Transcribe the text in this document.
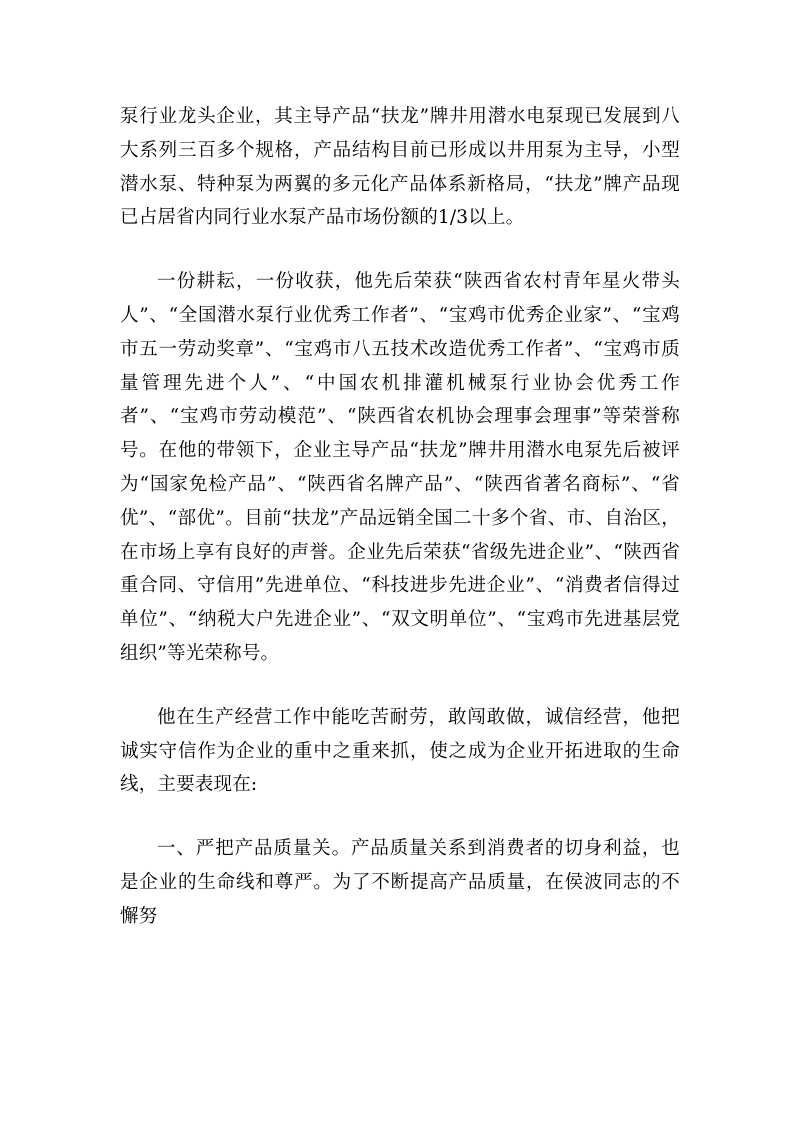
泵行业龙头企业，其主导产品“扶龙”牌井用潜水电泵现已发展到八大系列三百多个规格，产品结构目前已形成以井用泵为主导，小型潜水泵、特种泵为两翼的多元化产品体系新格局，“扶龙”牌产品现已占居省内同行业水泵产品市场份额的1/3以上。

一份耕耘，一份收获，他先后荣获“陕西省农村青年星火带头人”、“全国潜水泵行业优秀工作者”、“宝鸡市优秀企业家”、“宝鸡市五一劳动奖章”、“宝鸡市八五技术改造优秀工作者”、“宝鸡市质量管理先进个人”、“中国农机排灌机械泵行业协会优秀工作者”、“宝鸡市劳动模范”、“陕西省农机协会理事会理事”等荣誉称号。在他的带领下，企业主导产品“扶龙”牌井用潜水电泵先后被评为“国家免检产品”、“陕西省名牌产品”、“陕西省著名商标”、“省优”、“部优”。目前“扶龙”产品远销全国二十多个省、市、自治区，在市场上享有良好的声誉。企业先后荣获“省级先进企业”、“陕西省重合同、守信用”先进单位、“科技进步先进企业”、“消费者信得过单位”、“纳税大户先进企业”、“双文明单位”、“宝鸡市先进基层党组织”等光荣称号。

他在生产经营工作中能吃苦耐劳，敢闯敢做，诚信经营，他把诚实守信作为企业的重中之重来抓，使之成为企业开拓进取的生命线，主要表现在:

一、严把产品质量关。产品质量关系到消费者的切身利益，也是企业的生命线和尊严。为了不断提高产品质量，在侯波同志的不懈努
